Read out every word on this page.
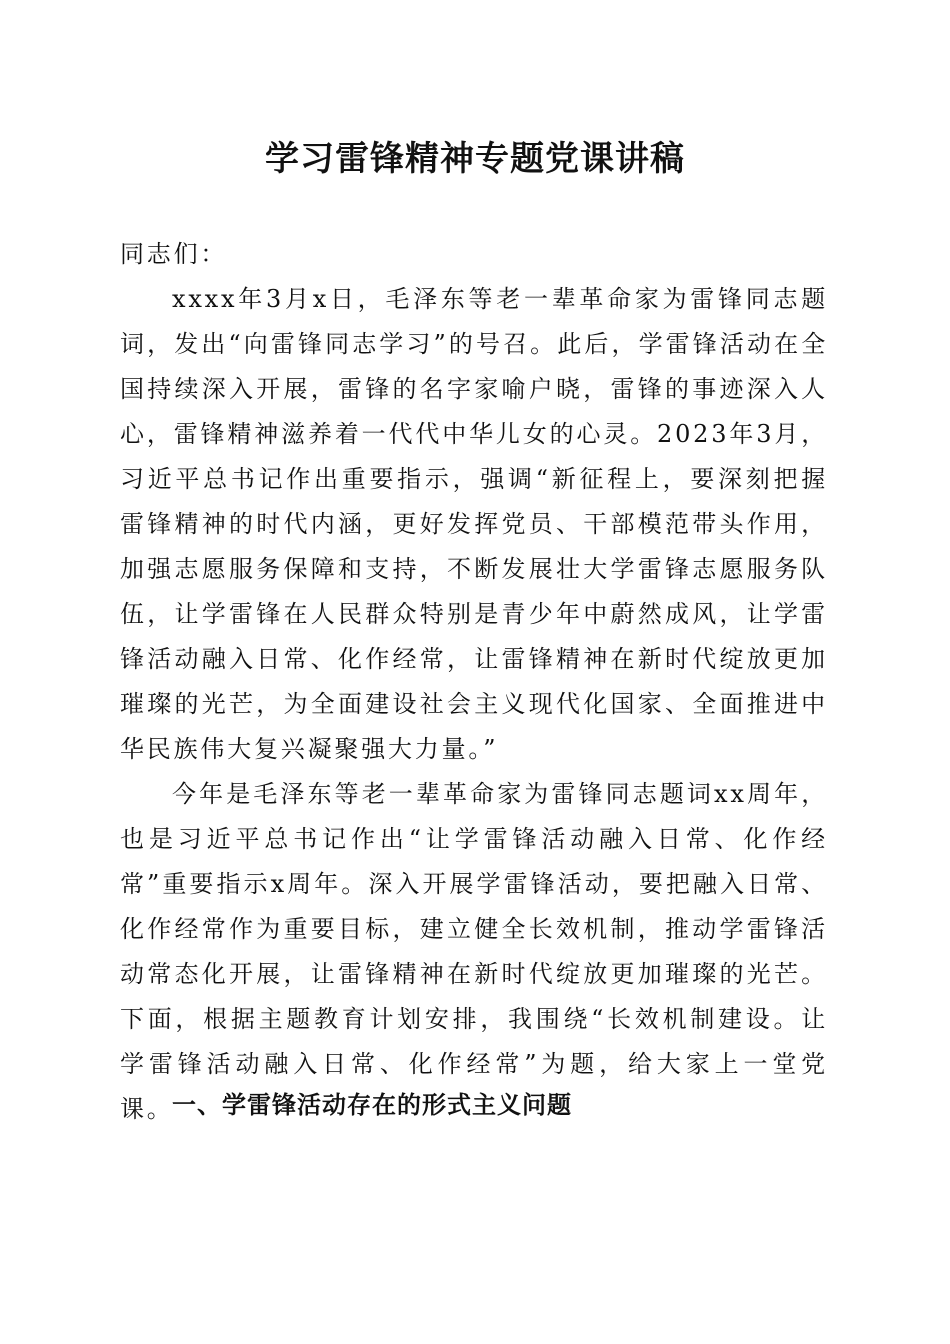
学习雷锋精神专题党课讲稿

同志们：

xxxx年3月x日，毛泽东等老一辈革命家为雷锋同志题词，发出“向雷锋同志学习”的号召。此后，学雷锋活动在全国持续深入开展，雷锋的名字家喻户晓，雷锋的事迹深入人心，雷锋精神滋养着一代代中华儿女的心灵。2023年3月，习近平总书记作出重要指示，强调“新征程上，要深刻把握雷锋精神的时代内涵，更好发挥党员、干部模范带头作用，加强志愿服务保障和支持，不断发展壮大学雷锋志愿服务队伍，让学雷锋在人民群众特别是青少年中蔚然成风，让学雷锋活动融入日常、化作经常，让雷锋精神在新时代绽放更加璀璨的光芒，为全面建设社会主义现代化国家、全面推进中华民族伟大复兴凝聚强大力量。”

今年是毛泽东等老一辈革命家为雷锋同志题词xx周年，也是习近平总书记作出“让学雷锋活动融入日常、化作经常”重要指示x周年。深入开展学雷锋活动，要把融入日常、化作经常作为重要目标，建立健全长效机制，推动学雷锋活动常态化开展，让雷锋精神在新时代绽放更加璀璨的光芒。下面，根据主题教育计划安排，我围绕“长效机制建设。让学雷锋活动融入日常、化作经常”为题，给大家上一堂党课。

一、学雷锋活动存在的形式主义问题
